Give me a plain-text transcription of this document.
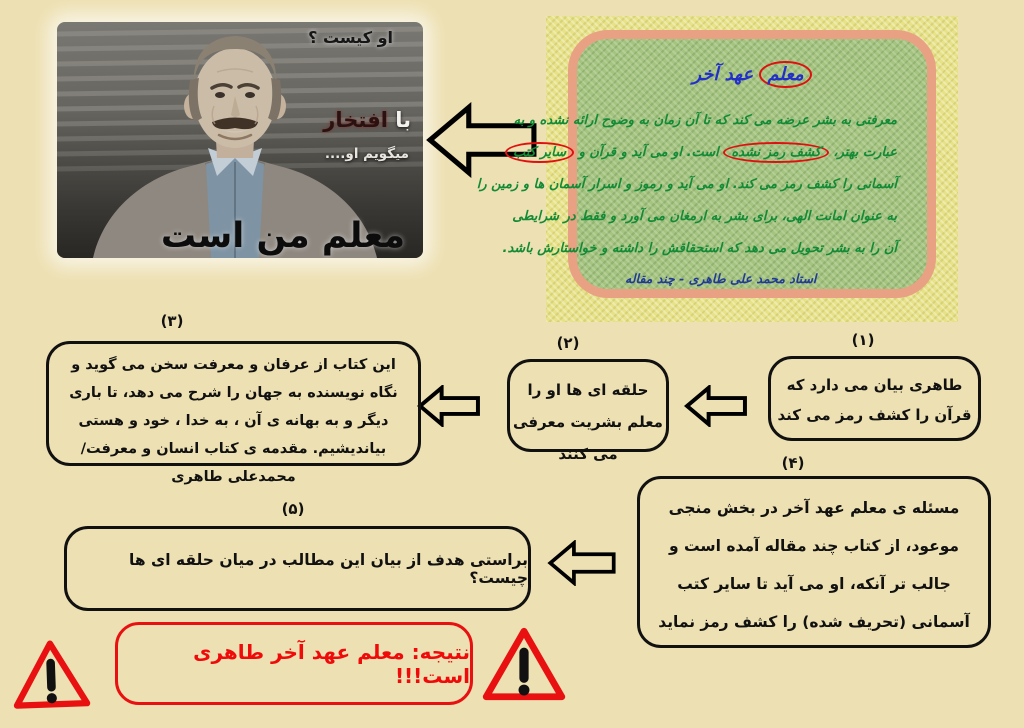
او کیست ؟
با افتخار
میگویم او....
معلم من است
معلم عهد آخر
معرفتی به بشر عرضه می کند که تا آن زمان به وضوح ارائه نشده و به
عبارت بهتر، کشف رمز نشده است. او می آید و قرآن و سایر کتب
آسمانی را کشف رمز می کند. او می آید و رموز و اسرار آسمان ها و زمین را
به عنوان امانت الهی، برای بشر به ارمغان می آورد و فقط در شرایطی
آن را به بشر تحویل می دهد که استحقاقش را داشته و خواستارش باشد.
استاد محمد علی طاهری - چند مقاله
(۱)
طاهری بیان می دارد که قرآن را کشف رمز می کند
(۲)
حلقه ای ها او را معلم بشریت معرفی می کنند
(۳)
این کتاب از عرفان و معرفت سخن می گوید و نگاه نویسنده به جهان را شرح می دهد، تا باری دیگر و به بهانه ی آن ، به خدا ، خود و هستی بیاندیشیم. مقدمه ی کتاب انسان و معرفت/محمدعلی طاهری
(۴)
مسئله ی معلم عهد آخر در بخش منجی موعود، از کتاب چند مقاله آمده است و جالب تر آنکه، او می آید تا سایر کتب آسمانی (تحریف شده) را کشف رمز نماید
(۵)
براستی هدف از بیان این مطالب در میان حلقه ای ها چیست؟
نتیجه: معلم عهد آخر طاهری است!!!
